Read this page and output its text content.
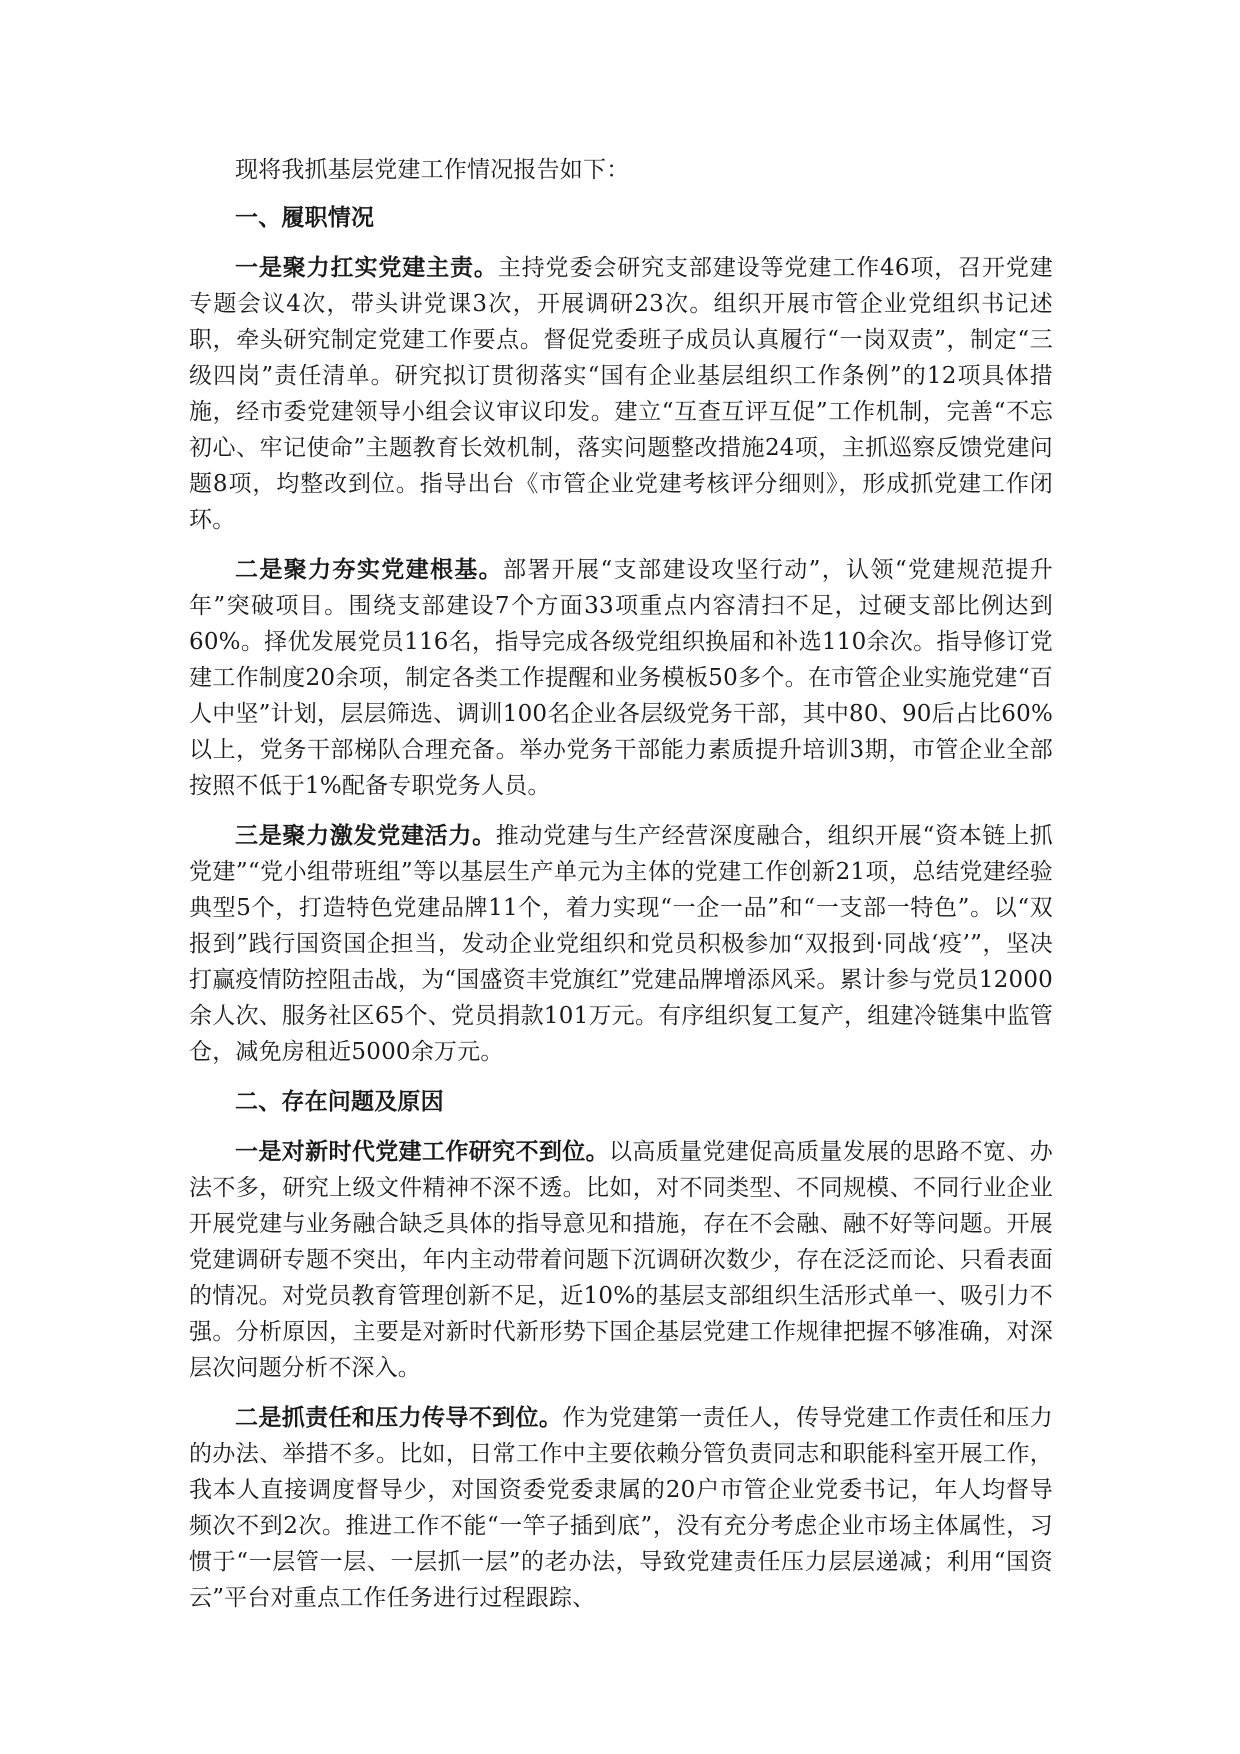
现将我抓基层党建工作情况报告如下：

一、履职情况

一是聚力扛实党建主责。主持党委会研究支部建设等党建工作46项，召开党建专题会议4次，带头讲党课3次，开展调研23次。组织开展市管企业党组织书记述职，牵头研究制定党建工作要点。督促党委班子成员认真履行“一岗双责”，制定“三级四岗”责任清单。研究拟订贯彻落实“国有企业基层组织工作条例”的12项具体措施，经市委党建领导小组会议审议印发。建立“互查互评互促”工作机制，完善“不忘初心、牢记使命”主题教育长效机制，落实问题整改措施24项，主抓巡察反馈党建问题8项，均整改到位。指导出台《市管企业党建考核评分细则》，形成抓党建工作闭环。

二是聚力夯实党建根基。部署开展“支部建设攻坚行动”，认领“党建规范提升年”突破项目。围绕支部建设7个方面33项重点内容清扫不足，过硬支部比例达到60%。择优发展党员116名，指导完成各级党组织换届和补选110余次。指导修订党建工作制度20余项，制定各类工作提醒和业务模板50多个。在市管企业实施党建“百人中坚”计划，层层筛选、调训100名企业各层级党务干部，其中80、90后占比60%以上，党务干部梯队合理充备。举办党务干部能力素质提升培训3期，市管企业全部按照不低于1%配备专职党务人员。

三是聚力激发党建活力。推动党建与生产经营深度融合，组织开展“资本链上抓党建”“党小组带班组”等以基层生产单元为主体的党建工作创新21项，总结党建经验典型5个，打造特色党建品牌11个，着力实现“一企一品”和“一支部一特色”。以“双报到”践行国资国企担当，发动企业党组织和党员积极参加“双报到·同战‘疫’”，坚决打赢疫情防控阻击战，为“国盛资丰党旗红”党建品牌增添风采。累计参与党员12000余人次、服务社区65个、党员捐款101万元。有序组织复工复产，组建冷链集中监管仓，减免房租近5000余万元。

二、存在问题及原因

一是对新时代党建工作研究不到位。以高质量党建促高质量发展的思路不宽、办法不多，研究上级文件精神不深不透。比如，对不同类型、不同规模、不同行业企业开展党建与业务融合缺乏具体的指导意见和措施，存在不会融、融不好等问题。开展党建调研专题不突出，年内主动带着问题下沉调研次数少，存在泛泛而论、只看表面的情况。对党员教育管理创新不足，近10%的基层支部组织生活形式单一、吸引力不强。分析原因，主要是对新时代新形势下国企基层党建工作规律把握不够准确，对深层次问题分析不深入。

二是抓责任和压力传导不到位。作为党建第一责任人，传导党建工作责任和压力的办法、举措不多。比如，日常工作中主要依赖分管负责同志和职能科室开展工作，我本人直接调度督导少，对国资委党委隶属的20户市管企业党委书记，年人均督导频次不到2次。推进工作不能“一竿子插到底”，没有充分考虑企业市场主体属性，习惯于“一层管一层、一层抓一层”的老办法，导致党建责任压力层层递减；利用“国资云”平台对重点工作任务进行过程跟踪、
